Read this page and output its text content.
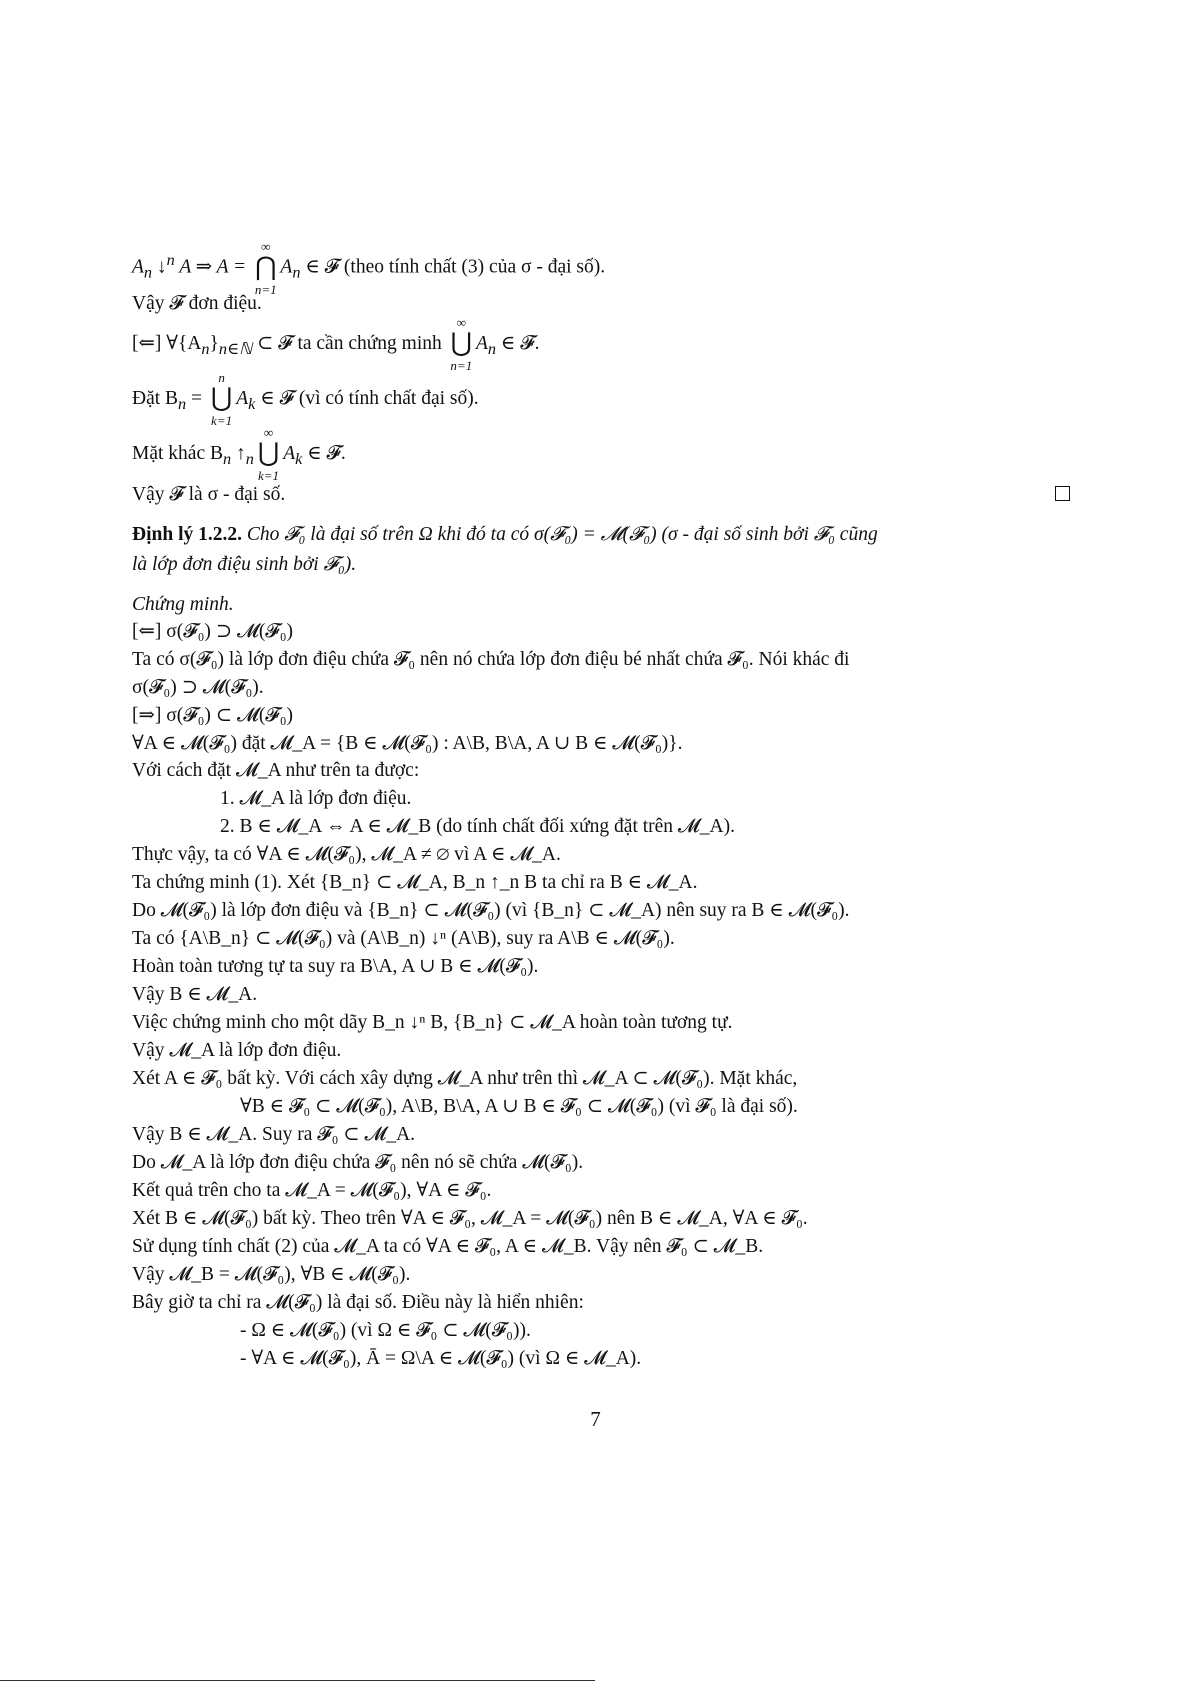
$A_n$ ↓$^n$ A ⇒ A =
∞
⋂
n=1
$A_n$ ∈ 𝓕 (theo tính chất (3) của σ - đại số).
Vậy 𝓕 đơn điệu.
[⇐] $\forall\{A_n\}_{n\in ℕ}$ ⊂ 𝓕 ta cần chứng minh
∞
⋃
n=1
$A_n$ ∈ 𝓕.
Đặt $B_n$ =
n
⋃
k=1
$A_k$ ∈ 𝓕 (vì có tính chất đại số).
Mặt khác $B_n$ $↑_n$
∞
⋃
k=1
$A_k$ ∈ 𝓕.
Vậy 𝓕 là σ - đại số.
Định lý 1.2.2. Cho 𝓕₀ là đại số trên Ω khi đó ta có σ(𝓕₀) = 𝓜(𝓕₀) (σ - đại số sinh bởi 𝓕₀ cũng
là lớp đơn điệu sinh bởi 𝓕₀).
Chứng minh.
[⇐] σ(𝓕₀) ⊃ 𝓜(𝓕₀)
Ta có σ(𝓕₀) là lớp đơn điệu chứa 𝓕₀ nên nó chứa lớp đơn điệu bé nhất chứa 𝓕₀. Nói khác đi
σ(𝓕₀) ⊃ 𝓜(𝓕₀).
[⇒] σ(𝓕₀) ⊂ 𝓜(𝓕₀)
∀A ∈ 𝓜(𝓕₀) đặt 𝓜_A = {B ∈ 𝓜(𝓕₀) : A\B, B\A, A ∪ B ∈ 𝓜(𝓕₀)}.
Với cách đặt 𝓜_A như trên ta được:
1. 𝓜_A là lớp đơn điệu.
2. B ∈ 𝓜_A ⇔ A ∈ 𝓜_B (do tính chất đối xứng đặt trên 𝓜_A).
Thực vậy, ta có ∀A ∈ 𝓜(𝓕₀), 𝓜_A ≠ ∅ vì A ∈ 𝓜_A.
Ta chứng minh (1). Xét {B_n} ⊂ 𝓜_A, B_n ↑_n B ta chỉ ra B ∈ 𝓜_A.
Do 𝓜(𝓕₀) là lớp đơn điệu và {B_n} ⊂ 𝓜(𝓕₀) (vì {B_n} ⊂ 𝓜_A) nên suy ra B ∈ 𝓜(𝓕₀).
Ta có {A\B_n} ⊂ 𝓜(𝓕₀) và (A\B_n) ↓ⁿ (A\B), suy ra A\B ∈ 𝓜(𝓕₀).
Hoàn toàn tương tự ta suy ra B\A, A ∪ B ∈ 𝓜(𝓕₀).
Vậy B ∈ 𝓜_A.
Việc chứng minh cho một dãy B_n ↓ⁿ B, {B_n} ⊂ 𝓜_A hoàn toàn tương tự.
Vậy 𝓜_A là lớp đơn điệu.
Xét A ∈ 𝓕₀ bất kỳ. Với cách xây dựng 𝓜_A như trên thì 𝓜_A ⊂ 𝓜(𝓕₀). Mặt khác,
∀B ∈ 𝓕₀ ⊂ 𝓜(𝓕₀), A\B, B\A, A ∪ B ∈ 𝓕₀ ⊂ 𝓜(𝓕₀) (vì 𝓕₀ là đại số).
Vậy B ∈ 𝓜_A. Suy ra 𝓕₀ ⊂ 𝓜_A.
Do 𝓜_A là lớp đơn điệu chứa 𝓕₀ nên nó sẽ chứa 𝓜(𝓕₀).
Kết quả trên cho ta 𝓜_A = 𝓜(𝓕₀), ∀A ∈ 𝓕₀.
Xét B ∈ 𝓜(𝓕₀) bất kỳ. Theo trên ∀A ∈ 𝓕₀, 𝓜_A = 𝓜(𝓕₀) nên B ∈ 𝓜_A, ∀A ∈ 𝓕₀.
Sử dụng tính chất (2) của 𝓜_A ta có ∀A ∈ 𝓕₀, A ∈ 𝓜_B. Vậy nên 𝓕₀ ⊂ 𝓜_B.
Vậy 𝓜_B = 𝓜(𝓕₀), ∀B ∈ 𝓜(𝓕₀).
Bây giờ ta chỉ ra 𝓜(𝓕₀) là đại số. Điều này là hiển nhiên:
- Ω ∈ 𝓜(𝓕₀) (vì Ω ∈ 𝓕₀ ⊂ 𝓜(𝓕₀)).
- ∀A ∈ 𝓜(𝓕₀), Ā = Ω\A ∈ 𝓜(𝓕₀) (vì Ω ∈ 𝓜_A).
7
